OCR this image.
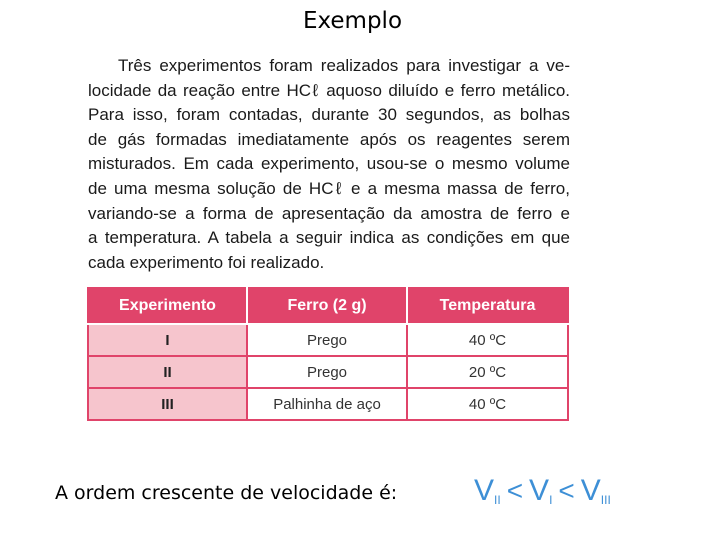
Exemplo
Três experimentos foram realizados para investigar a ve-
locidade da reação entre HCℓ aquoso diluído e ferro metálico.
Para isso, foram contadas, durante 30 segundos, as bolhas
de gás formadas imediatamente após os reagentes serem
misturados. Em cada experimento, usou-se o mesmo volume
de uma mesma solução de HCℓ e a mesma massa de ferro,
variando-se a forma de apresentação da amostra de ferro e
a temperatura. A tabela a seguir indica as condições em que
cada experimento foi realizado.
Experimento	Ferro (2 g)	Temperatura
I	Prego	40 ºC
II	Prego	20 ºC
III	Palhinha de aço	40 ºC
A ordem crescente de velocidade é:	$V_{II} < V_I < V_{III}$
